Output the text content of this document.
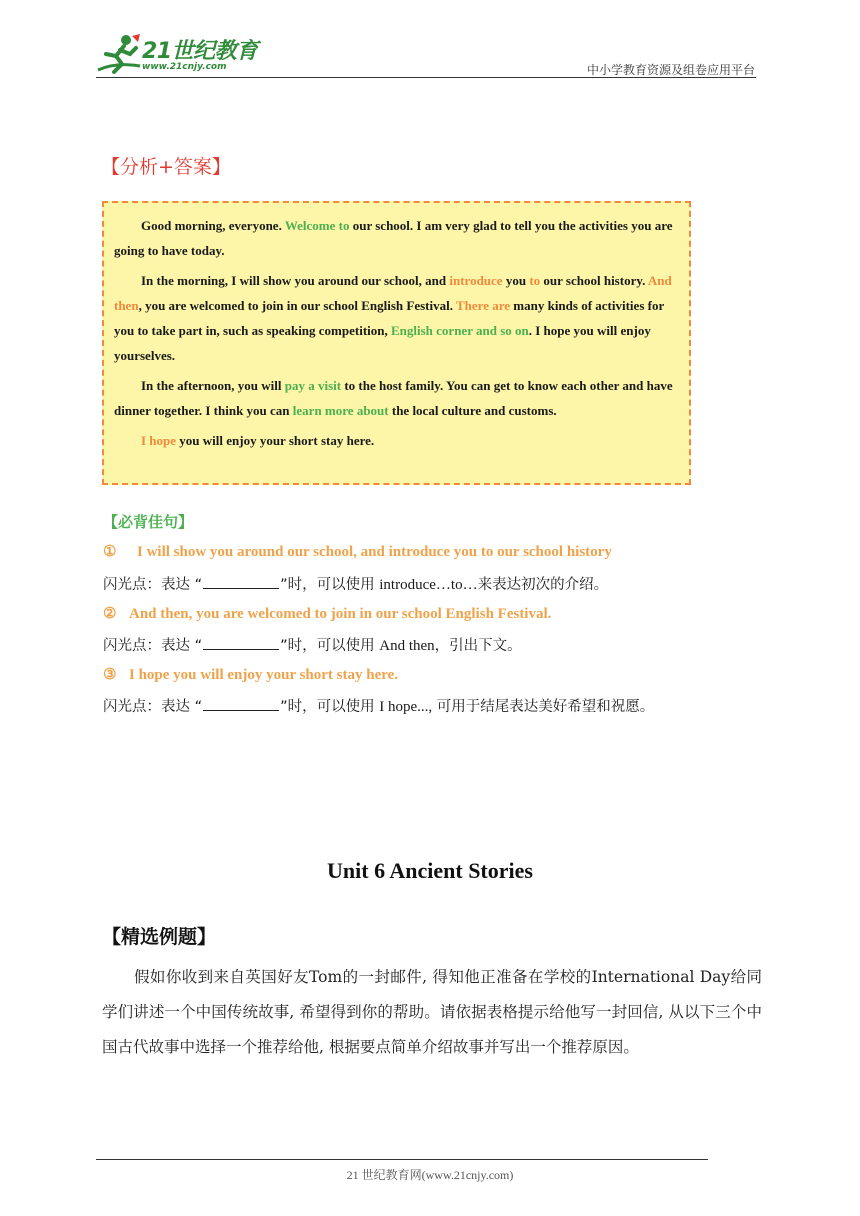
21世纪教育
www.21cnjy.com	中小学教育资源及组卷应用平台
【分析+答案】

Good morning, everyone. Welcome to our school. I am very glad to tell you the activities you are going to have today.

In the morning, I will show you around our school, and introduce you to our school history. And then, you are welcomed to join in our school English Festival. There are many kinds of activities for you to take part in, such as speaking competition, English corner and so on. I hope you will enjoy yourselves.

In the afternoon, you will pay a visit to the host family. You can get to know each other and have dinner together. I think you can learn more about the local culture and customs.

I hope you will enjoy your short stay here.

【必背佳句】
① I will show you around our school, and introduce you to our school history
闪光点：表达 “	”时，可以使用 introduce…to…来表达初次的介绍。
② And then, you are welcomed to join in our school English Festival.
闪光点：表达 “	”时，可以使用 And then，引出下文。
③ I hope you will enjoy your short stay here.
闪光点：表达 “	”时，可以使用 I hope..., 可用于结尾表达美好希望和祝愿。
Unit 6 Ancient Stories
【精选例题】
假如你收到来自英国好友Tom的一封邮件, 得知他正准备在学校的International Day给同学们讲述一个中国传统故事, 希望得到你的帮助。请依据表格提示给他写一封回信, 从以下三个中国古代故事中选择一个推荐给他, 根据要点简单介绍故事并写出一个推荐原因。
21 世纪教育网(www.21cnjy.com)
